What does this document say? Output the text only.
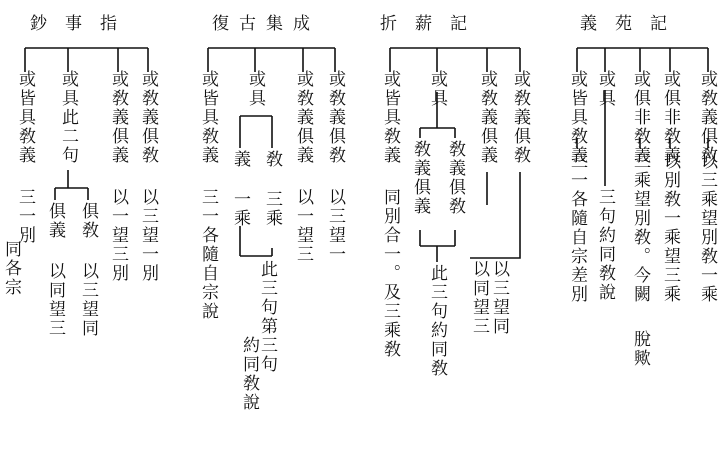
義苑記
或敎義俱敎
以三乘望別敎一乘
或俱非敎義
以別敎一乘望三乘
或俱非敎義
三乘望別敎。今闕
脫歟
或具
三句約同敎說
或皆具敎義
三一各隨自宗差別
折薪記
或敎義俱敎
以三望同
或敎義俱義
以同望三
或具
敎義俱敎
敎義俱義
此三句約同敎
或皆具敎義
同別合一。及三乘敎
復古集成
或敎義俱敎
以三望一
或敎義俱義
以一望三
或具
敎
三乘
義
一乘
此三句第三句
約同敎說
或皆具敎義
三一各隨自宗說
鈔事指
或敎義俱敎
以三望一別
或敎義俱義
以一望三別
或具此二句
俱敎
以三望同
俱義
以同望三
或皆具敎義
三一別
同各宗
